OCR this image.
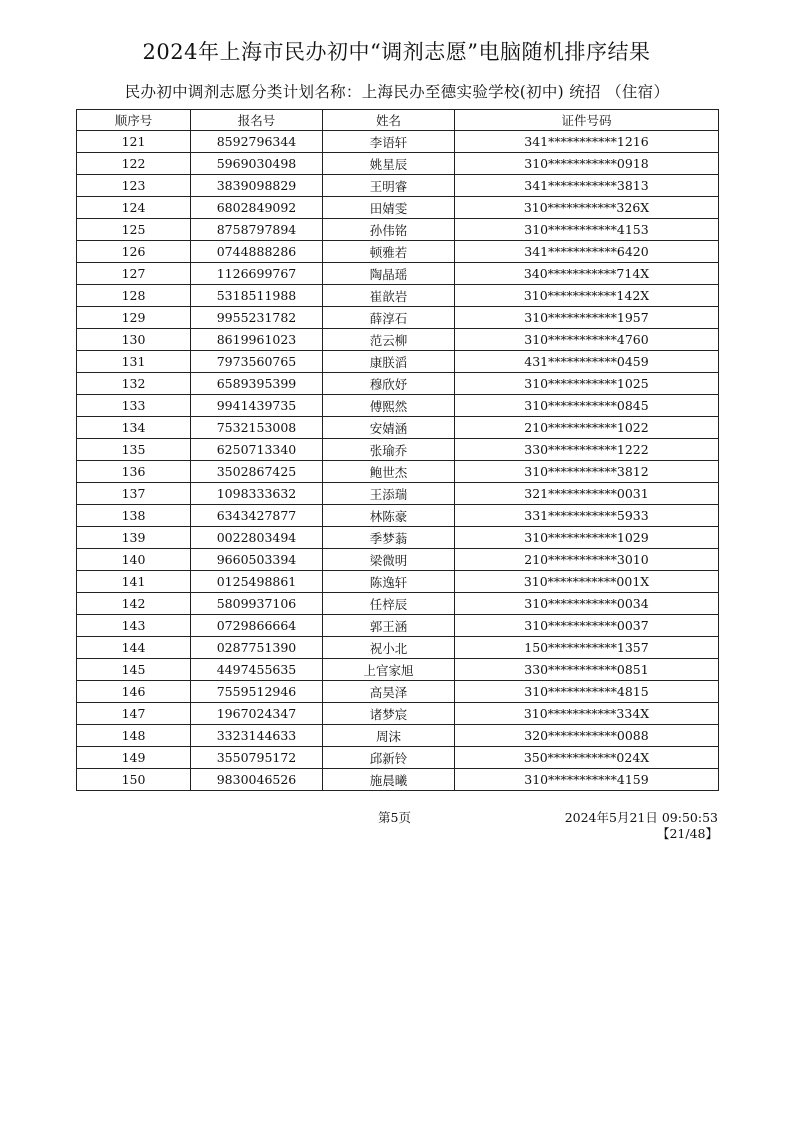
2024年上海市民办初中“调剂志愿”电脑随机排序结果
民办初中调剂志愿分类计划名称：上海民办至德实验学校(初中) 统招 （住宿）
顺序号	报名号	姓名	证件号码
121	8592796344	李语轩	341***********1216
122	5969030498	姚星辰	310***********0918
123	3839098829	王明睿	341***********3813
124	6802849092	田婧雯	310***********326X
125	8758797894	孙伟铭	310***********4153
126	0744888286	顿雅若	341***********6420
127	1126699767	陶晶瑶	340***********714X
128	5318511988	崔歆岩	310***********142X
129	9955231782	薛淳石	310***********1957
130	8619961023	范云柳	310***********4760
131	7973560765	康朕滔	431***********0459
132	6589395399	穆欣妤	310***********1025
133	9941439735	傅熙然	310***********0845
134	7532153008	安婧涵	210***********1022
135	6250713340	张瑜乔	330***********1222
136	3502867425	鲍世杰	310***********3812
137	1098333632	王添瑞	321***********0031
138	6343427877	林陈豪	331***********5933
139	0022803494	季梦蓊	310***********1029
140	9660503394	梁微明	210***********3010
141	0125498861	陈逸轩	310***********001X
142	5809937106	任梓辰	310***********0034
143	0729866664	郭王涵	310***********0037
144	0287751390	祝小北	150***********1357
145	4497455635	上官家旭	330***********0851
146	7559512946	高昊泽	310***********4815
147	1967024347	诸梦宸	310***********334X
148	3323144633	周沫	320***********0088
149	3550795172	邱新铃	350***********024X
150	9830046526	施晨曦	310***********4159
第5页	2024年5月21日 09:50:53
【21/48】
